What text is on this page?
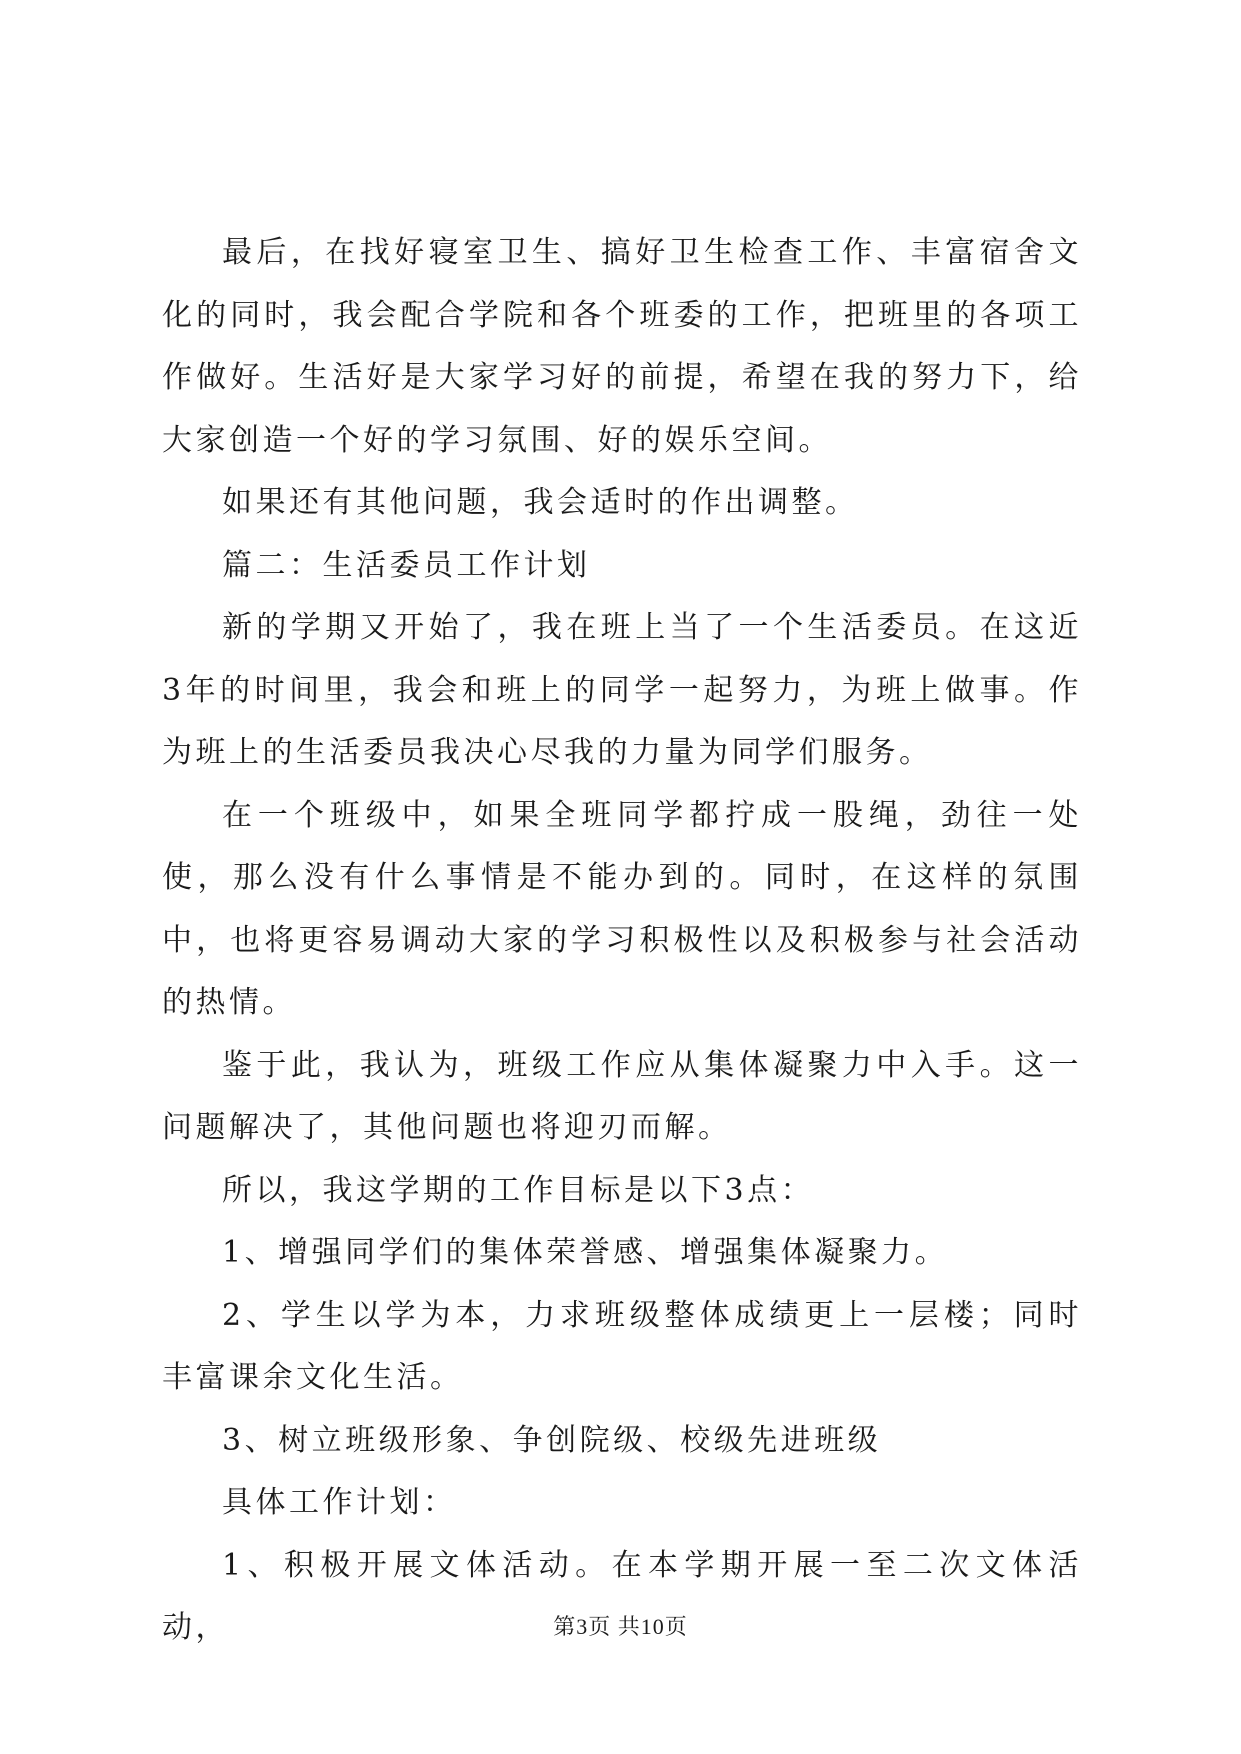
最后，在找好寝室卫生、搞好卫生检查工作、丰富宿舍文化的同时，我会配合学院和各个班委的工作，把班里的各项工作做好。生活好是大家学习好的前提，希望在我的努力下，给大家创造一个好的学习氛围、好的娱乐空间。

如果还有其他问题，我会适时的作出调整。

篇二：生活委员工作计划

新的学期又开始了，我在班上当了一个生活委员。在这近3年的时间里，我会和班上的同学一起努力，为班上做事。作为班上的生活委员我决心尽我的力量为同学们服务。

在一个班级中，如果全班同学都拧成一股绳，劲往一处使，那么没有什么事情是不能办到的。同时，在这样的氛围中，也将更容易调动大家的学习积极性以及积极参与社会活动的热情。

鉴于此，我认为，班级工作应从集体凝聚力中入手。这一问题解决了，其他问题也将迎刃而解。

所以，我这学期的工作目标是以下3点：

1、增强同学们的集体荣誉感、增强集体凝聚力。

2、学生以学为本，力求班级整体成绩更上一层楼；同时丰富课余文化生活。

3、树立班级形象、争创院级、校级先进班级

具体工作计划：

1、积极开展文体活动。在本学期开展一至二次文体活动，	第3页 共10页
